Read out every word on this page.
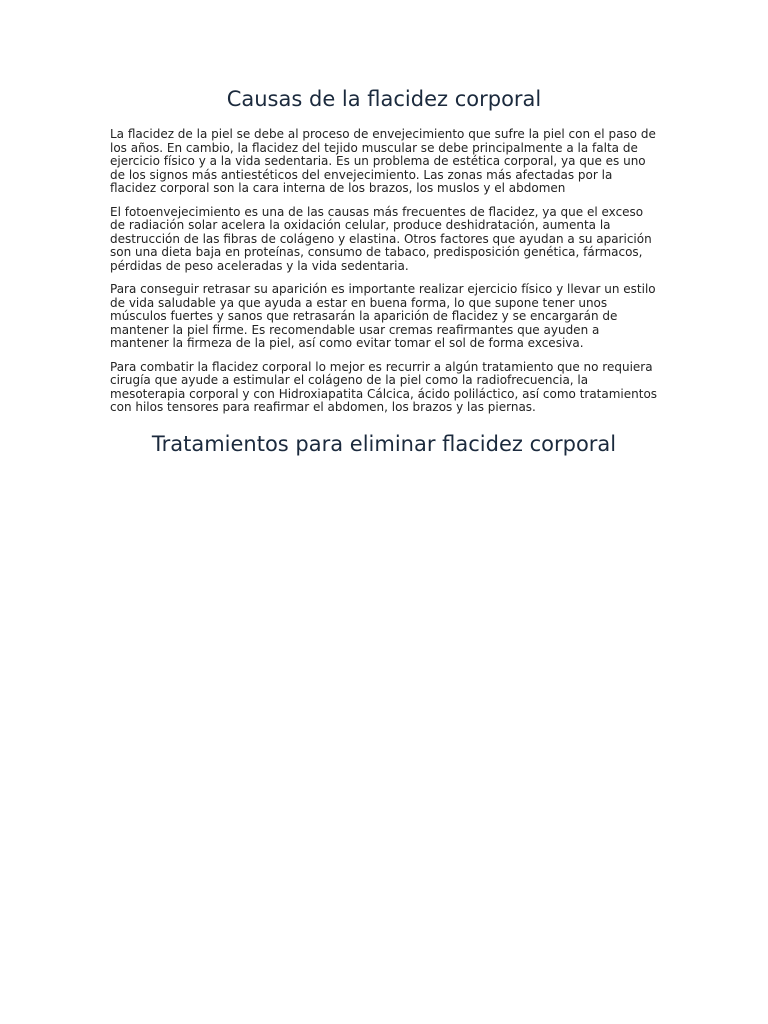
Causas de la flacidez corporal

La flacidez de la piel se debe al proceso de envejecimiento que sufre la piel con el paso de los años. En cambio, la flacidez del tejido muscular se debe principalmente a la falta de ejercicio físico y a la vida sedentaria. Es un problema de estética corporal, ya que es uno de los signos más antiestéticos del envejecimiento. Las zonas más afectadas por la flacidez corporal son la cara interna de los brazos, los muslos y el abdomen

El fotoenvejecimiento es una de las causas más frecuentes de flacidez, ya que el exceso de radiación solar acelera la oxidación celular, produce deshidratación, aumenta la destrucción de las fibras de colágeno y elastina. Otros factores que ayudan a su aparición son una dieta baja en proteínas, consumo de tabaco, predisposición genética, fármacos, pérdidas de peso aceleradas y la vida sedentaria.

Para conseguir retrasar su aparición es importante realizar ejercicio físico y llevar un estilo de vida saludable ya que ayuda a estar en buena forma, lo que supone tener unos músculos fuertes y sanos que retrasarán la aparición de flacidez y se encargarán de mantener la piel firme. Es recomendable usar cremas reafirmantes que ayuden a mantener la firmeza de la piel, así como evitar tomar el sol de forma excesiva.

Para combatir la flacidez corporal lo mejor es recurrir a algún tratamiento que no requiera cirugía que ayude a estimular el colágeno de la piel como la radiofrecuencia, la mesoterapia corporal y con Hidroxiapatita Cálcica, ácido poliláctico, así como tratamientos con hilos tensores para reafirmar el abdomen, los brazos y las piernas.

Tratamientos para eliminar flacidez corporal
